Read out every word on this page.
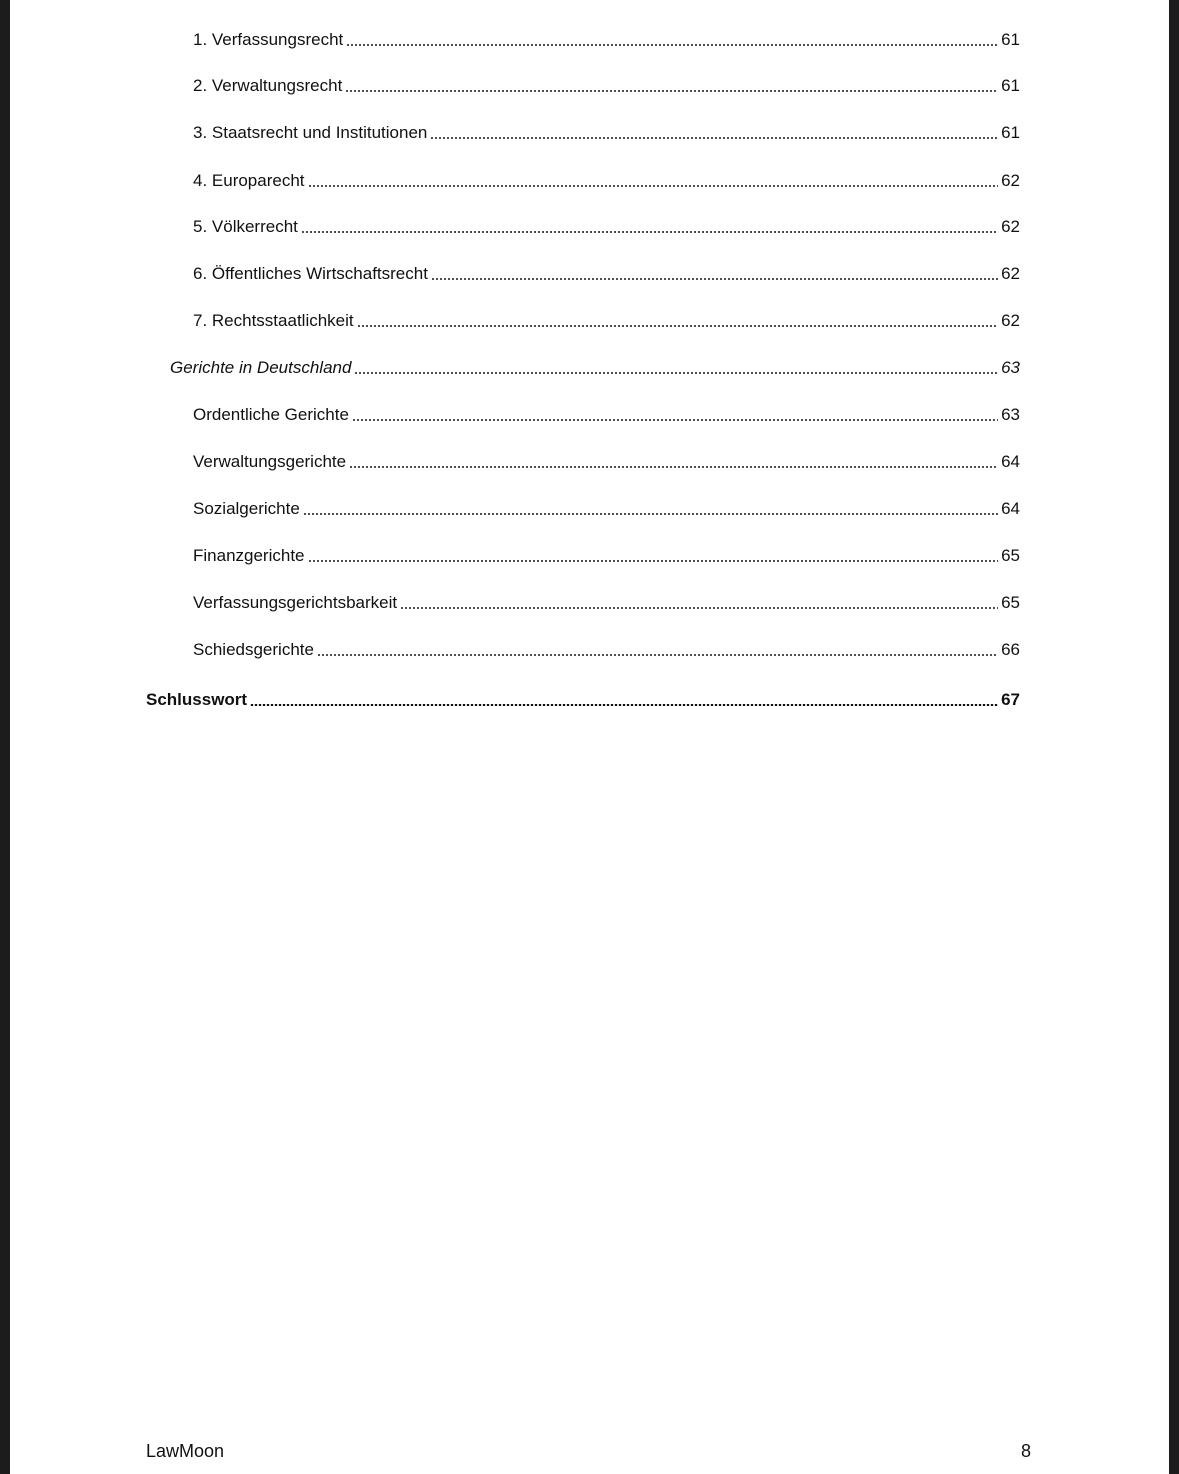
1. Verfassungsrecht	61
2. Verwaltungsrecht	61
3. Staatsrecht und Institutionen	61
4. Europarecht	62
5. Völkerrecht	62
6. Öffentliches Wirtschaftsrecht	62
7. Rechtsstaatlichkeit	62
Gerichte in Deutschland	63
Ordentliche Gerichte	63
Verwaltungsgerichte	64
Sozialgerichte	64
Finanzgerichte	65
Verfassungsgerichtsbarkeit	65
Schiedsgerichte	66
Schlusswort	67
LawMoon	8
